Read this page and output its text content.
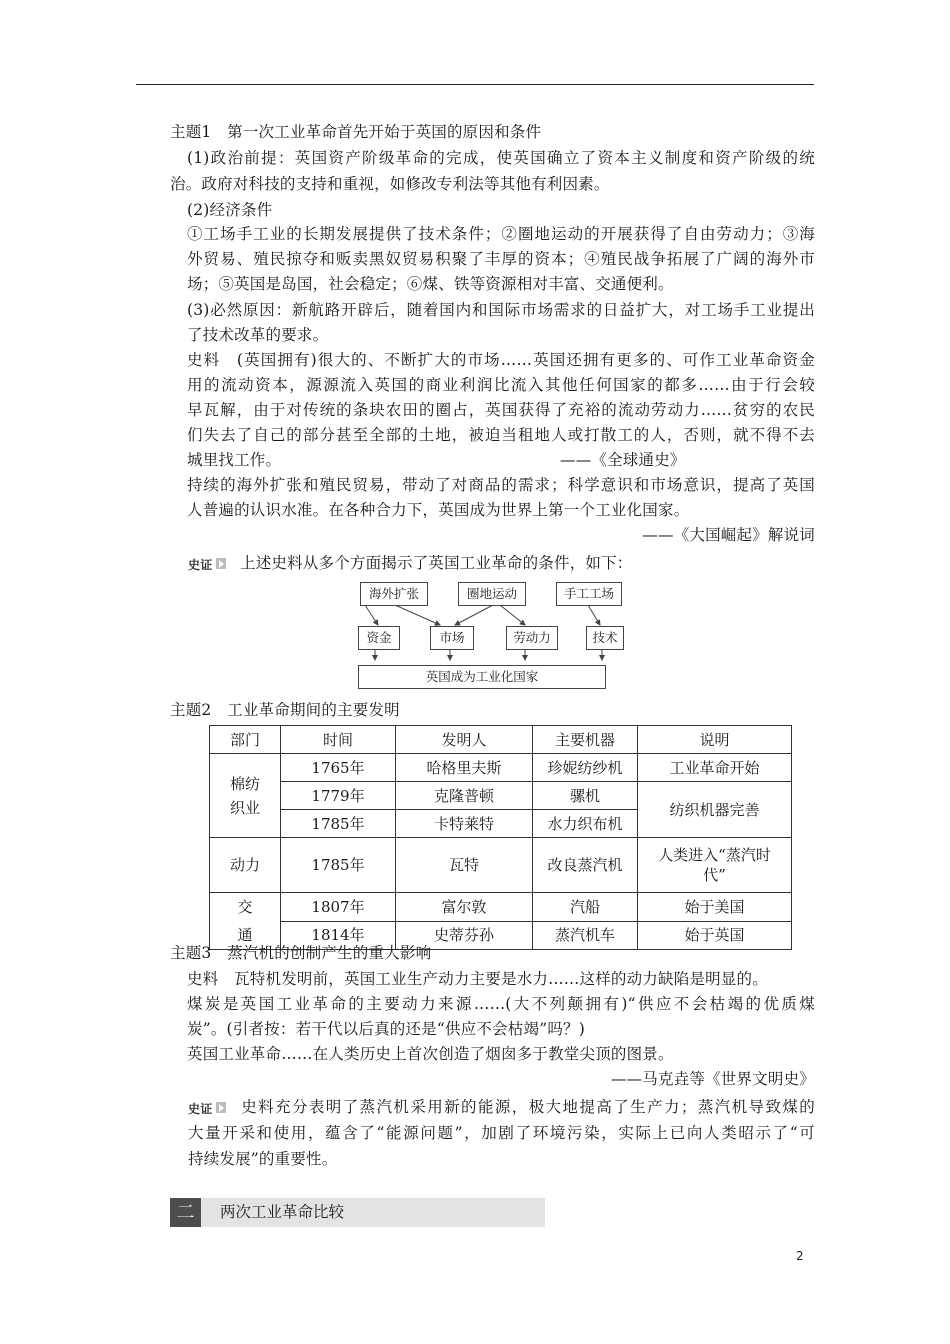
主题1　第一次工业革命首先开始于英国的原因和条件
(1)政治前提：英国资产阶级革命的完成，使英国确立了资本主义制度和资产阶级的统
治。政府对科技的支持和重视，如修改专利法等其他有利因素。
(2)经济条件
①工场手工业的长期发展提供了技术条件；②圈地运动的开展获得了自由劳动力；③海
外贸易、殖民掠夺和贩卖黑奴贸易积聚了丰厚的资本；④殖民战争拓展了广阔的海外市
场；⑤英国是岛国，社会稳定；⑥煤、铁等资源相对丰富、交通便利。
(3)必然原因：新航路开辟后，随着国内和国际市场需求的日益扩大，对工场手工业提出
了技术改革的要求。
史料　(英国拥有)很大的、不断扩大的市场……英国还拥有更多的、可作工业革命资金
用的流动资本，源源流入英国的商业利润比流入其他任何国家的都多……由于行会较
早瓦解，由于对传统的条块农田的圈占，英国获得了充裕的流动劳动力……贫穷的农民
们失去了自己的部分甚至全部的土地，被迫当租地人或打散工的人，否则，就不得不去
城里找工作。	——《全球通史》
持续的海外扩张和殖民贸易，带动了对商品的需求；科学意识和市场意识，提高了英国
人普遍的认识水准。在各种合力下，英国成为世界上第一个工业化国家。
——《大国崛起》解说词
史证 上述史料从多个方面揭示了英国工业革命的条件，如下：
海外扩张	圈地运动	手工工场
资金	市场	劳动力	技术
英国成为工业化国家
主题2　工业革命期间的主要发明
部门	时间	发明人	主要机器	说明
棉纺织业	1765年	哈格里夫斯	珍妮纺纱机	工业革命开始
	1779年	克隆普顿	骡机	纺织机器完善
	1785年	卡特莱特	水力织布机	
动力	1785年	瓦特	改良蒸汽机	人类进入“蒸汽时代”
交通	1807年	富尔敦	汽船	始于美国
	1814年	史蒂芬孙	蒸汽机车	始于英国
主题3　蒸汽机的创制产生的重大影响
史料　瓦特机发明前，英国工业生产动力主要是水力……这样的动力缺陷是明显的。
煤炭是英国工业革命的主要动力来源……(大不列颠拥有)“供应不会枯竭的优质煤
炭”。(引者按：若干代以后真的还是“供应不会枯竭”吗？)
英国工业革命……在人类历史上首次创造了烟囱多于教堂尖顶的图景。
——马克垚等《世界文明史》
史证 史料充分表明了蒸汽机采用新的能源，极大地提高了生产力；蒸汽机导致煤的
大量开采和使用，蕴含了“能源问题”，加剧了环境污染，实际上已向人类昭示了“可
持续发展”的重要性。
二	两次工业革命比较
2
